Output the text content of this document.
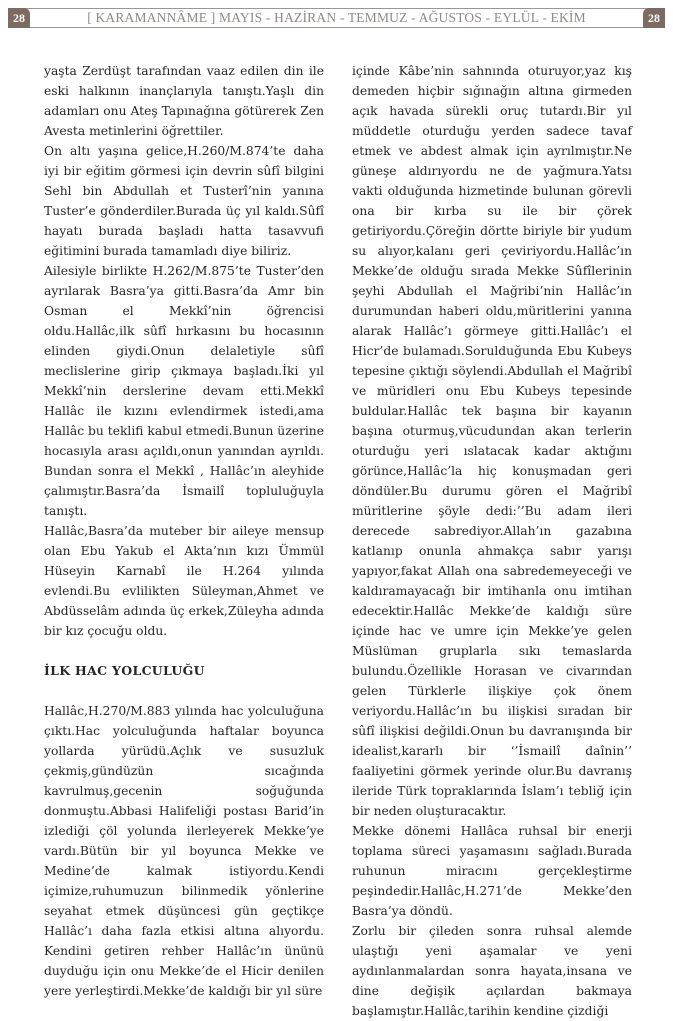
28	[ KARAMANNÂME ] MAYIS - HAZİRAN - TEMMUZ - AĞUSTOS - EYLÜL - EKİM	28

yaşta Zerdüşt tarafından vaaz edilen din ile eski halkının inançlarıyla tanıştı.Yaşlı din adamları onu Ateş Tapınağına götürerek Zen Avesta metinlerini öğrettiler.

On altı yaşına gelice,H.260/M.874’te daha iyi bir eğitim görmesi için devrin sûfî bilgini Sehl bin Abdullah et Tusterî’nin yanına Tuster’e gönderdiler.Burada üç yıl kaldı.Sûfî hayatı burada başladı hatta tasavvufi eğitimini burada tamamladı diye biliriz.

Ailesiyle birlikte H.262/M.875’te Tuster’den ayrılarak Basra’ya gitti.Basra’da Amr bin Osman el Mekkî’nin öğrencisi oldu.Hallâc,ilk sûfî hırkasını bu hocasının elinden giydi.Onun delaletiyle sûfî meclislerine girip çıkmaya başladı.İki yıl Mekkî’nin derslerine devam etti.Mekkî Hallâc ile kızını evlendirmek istedi,ama Hallâc bu teklifi kabul etmedi.Bunun üzerine hocasıyla arası açıldı,onun yanından ayrıldı. Bundan sonra el Mekkî , Hallâc’ın aleyhide çalımıştır.Basra’da İsmailî topluluğuyla tanıştı.

Hallâc,Basra’da muteber bir aileye mensup olan Ebu Yakub el Akta’nın kızı Ümmül Hüseyin Karnabî ile H.264 yılında evlendi.Bu evlilikten Süleyman,Ahmet ve Abdüsselâm adında üç erkek,Züleyha adında bir kız çocuğu oldu.

İLK HAC YOLCULUĞU

Hallâc,H.270/M.883 yılında hac yolculuğuna çıktı.Hac yolculuğunda haftalar boyunca yollarda yürüdü.Açlık ve susuzluk çekmiş,gündüzün sıcağında kavrulmuş,gecenin soğuğunda donmuştu.Abbasi Halifeliği postası Barid’in izlediği çöl yolunda ilerleyerek Mekke’ye vardı.Bütün bir yıl boyunca Mekke ve Medine’de kalmak istiyordu.Kendi içimize,ruhumuzun bilinmedik yönlerine seyahat etmek düşüncesi gün geçtikçe Hallâc’ı daha fazla etkisi altına alıyordu. Kendini getiren rehber Hallâc’ın ününü duyduğu için onu Mekke’de el Hicir denilen yere yerleştirdi.Mekke’de kaldığı bir yıl süre

içinde Kâbe’nin sahnında oturuyor,yaz kış demeden hiçbir sığınağın altına girmeden açık havada sürekli oruç tutardı.Bir yıl müddetle oturduğu yerden sadece tavaf etmek ve abdest almak için ayrılmıştır.Ne güneşe aldırıyordu ne de yağmura.Yatsı vakti olduğunda hizmetinde bulunan görevli ona bir kırba su ile bir çörek getiriyordu.Çöreğin dörtte biriyle bir yudum su alıyor,kalanı geri çeviriyordu.Hallâc’ın Mekke’de olduğu sırada Mekke Sûfîlerinin şeyhi Abdullah el Mağribi’nin Hallâc’ın durumundan haberi oldu,müritlerini yanına alarak Hallâc’ı görmeye gitti.Hallâc’ı el Hicr’de bulamadı.Sorulduğunda Ebu Kubeys tepesine çıktığı söylendi.Abdullah el Mağribî ve müridleri onu Ebu Kubeys tepesinde buldular.Hallâc tek başına bir kayanın başına oturmuş,vücudundan akan terlerin oturduğu yeri ıslatacak kadar aktığını görünce,Hallâc’la hiç konuşmadan geri döndüler.Bu durumu gören el Mağribî müritlerine şöyle dedi:’’Bu adam ileri derecede sabrediyor.Allah’ın gazabına katlanıp onunla ahmakça sabır yarışı yapıyor,fakat Allah ona sabredemeyeceği ve kaldıramayacağı bir imtihanla onu imtihan edecektir.Hallâc Mekke’de kaldığı süre içinde hac ve umre için Mekke’ye gelen Müslüman gruplarla sıkı temaslarda bulundu.Özellikle Horasan ve civarından gelen Türklerle ilişkiye çok önem veriyordu.Hallâc’ın bu ilişkisi sıradan bir sûfî ilişkisi değildi.Onun bu davranışında bir idealist,kararlı bir ‘’İsmailî daînin’’ faaliyetini görmek yerinde olur.Bu davranış ileride Türk topraklarında İslam’ı tebliğ için bir neden oluşturacaktır.

Mekke dönemi Hallâca ruhsal bir enerji toplama süreci yaşamasını sağladı.Burada ruhunun miracını gerçekleştirme peşindedir.Hallâc,H.271’de Mekke’den Basra’ya döndü.

Zorlu bir çileden sonra ruhsal alemde ulaştığı yeni aşamalar ve yeni aydınlanmalardan sonra hayata,insana ve dine değişik açılardan bakmaya başlamıştır.Hallâc,tarihin kendine çizdiği
